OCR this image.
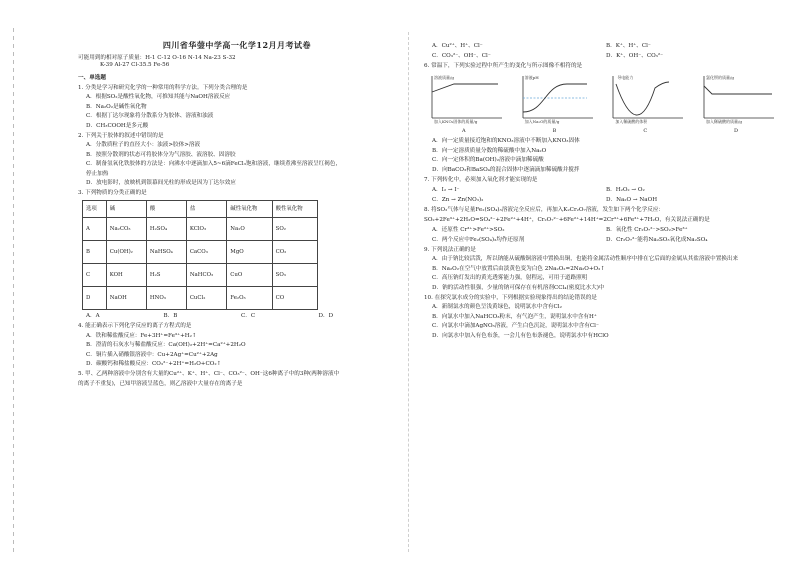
四川省华蓥中学高一化学12月月考试卷
可能用到的相对原子质量：H-1 C-12 O-16 N-14 Na-23 S-32
K-39 Al-27 Cl-35.5 Fe-56
一、单选题
1. 分类是学习和研究化学的一种常用的科学方法。下列分类合理的是
A．根据SO₂是酸性氧化物，可推知其能与NaOH溶液反应
B．Na₂O₂是碱性氧化物
C．根据丁达尔现象将分散系分为胶体、溶液和浊液
D．CH₃COOH是多元酸
2. 下列关于胶体的叙述中错误的是
A．分散质粒子的直径大小：浊液>胶体>溶液
B．按照分散剂的状态可将胶体分为气溶胶、液溶胶、固溶胶
C．制备氢氧化铁胶体的方法是：向沸水中逐滴加入5~6滴FeCl₃饱和溶液，继续煮沸至溶液呈红褐色，
停止加热
D．放电影时，放映机到银幕间光柱的形成是因为丁达尔效应
3. 下列物质的分类正确的是
选项	碱	酸	盐	碱性氧化物	酸性氧化物
A	Na₂CO₃	H₂SO₄	KClO₃	Na₂O	SO₂
B	Cu(OH)₂	NaHSO₄	CaCO₃	MgO	CO₂
C	KOH	H₂S	NaHCO₃	CuO	SO₃
D	NaOH	HNO₃	CuCl₂	Fe₂O₃	CO
A．A	B．B	C．C	D．D
4. 能正确表示下列化学反应的离子方程式的是
A．铁和稀盐酸反应：Fe+3H⁺=Fe³⁺+H₂↑
B．澄清的石灰水与稀盐酸反应：Ca(OH)₂+2H⁺=Ca²⁺+2H₂O
C．铜片插入硝酸银溶液中：Cu+2Ag⁺=Cu²⁺+2Ag
D．碳酸钙和稀盐酸反应：CO₃²⁻+2H⁺=H₂O+CO₂↑
5. 甲、乙两种溶液中分别含有大量的Cu²⁺、K⁺、H⁺、Cl⁻、CO₃²⁻、OH⁻这6种离子中的3种(两种溶液中
的离子不重复)，已知甲溶液呈蓝色，则乙溶液中大量存在的离子是
A．Cu²⁺、H⁺、Cl⁻	B．K⁺、H⁺、Cl⁻
C．CO₃²⁻、OH⁻、Cl⁻	D．K⁺、OH⁻、CO₃²⁻
6. 常温下，下列实验过程中所产生的变化与所示图像不相符的是
溶液质量/g
加入KNO₃固体的质量/g
A
溶液pH
加入Na₂O的质量/g
B
导电能力
加入稀硫酸的体积
C
氯化钡的质量/g
加入稀硫酸的质量/g
D
A．向一定质量接近饱和的KNO₃溶液中不断加入KNO₃固体
B．向一定溶质质量分数的稀硫酸中加入Na₂O
C．向一定体积的Ba(OH)₂溶液中滴加稀硫酸
D．向BaCO₃和BaSO₄的混合固体中逐滴滴加稀硫酸并搅拌
7. 下列转化中，必须加入氧化剂才能实现的是
A．I₂ → I⁻	B．H₂O₂ → O₂
C．Zn → Zn(NO₃)₂	D．Na₂O → NaOH
8. 将SO₂气体与足量Fe₂(SO₄)₃溶液完全反应后，再加入K₂Cr₂O₇溶液，发生如下两个化学反应：
SO₂+2Fe³⁺+2H₂O=SO₄²⁻+2Fe²⁺+4H⁺，Cr₂O₇²⁻+6Fe²⁺+14H⁺=2Cr³⁺+6Fe³⁺+7H₂O，有关说法正确的是
A．还原性 Cr³⁺>Fe²⁺>SO₂	B．氧化性 Cr₂O₇²⁻>SO₂>Fe³⁺
C．两个反应中Fe₂(SO₄)₃均作还原剂	D．Cr₂O₇²⁻能将Na₂SO₃氧化成Na₂SO₄
9. 下列说法正确的是
A．由于钠比较活泼，所以钠能从硫酸铜溶液中置换出铜，也能将金属活动性顺序中排在它后面的金属从其盐溶液中置换出来
B．Na₂O₂在空气中放置后由淡黄色变为白色 2Na₂O₂=2Na₂O+O₂↑
C．高压钠灯发出的黄光透雾能力强，射程远，可用于道路照明
D．钠的活动性很强，少量的钠可保存在有机溶剂CCl₄(密度比水大)中
10. 在探究氯水成分的实验中，下列根据实验现象得出的结论错误的是
A．新制氯水的颜色呈浅黄绿色，说明氯水中含有Cl₂
B．向氯水中加入NaHCO₃粉末，有气泡产生，说明氯水中含有H⁺
C．向氯水中滴加AgNO₃溶液，产生白色沉淀，说明氯水中含有Cl⁻
D．向氯水中加入有色布条，一会儿有色布条褪色，说明氯水中有HClO
